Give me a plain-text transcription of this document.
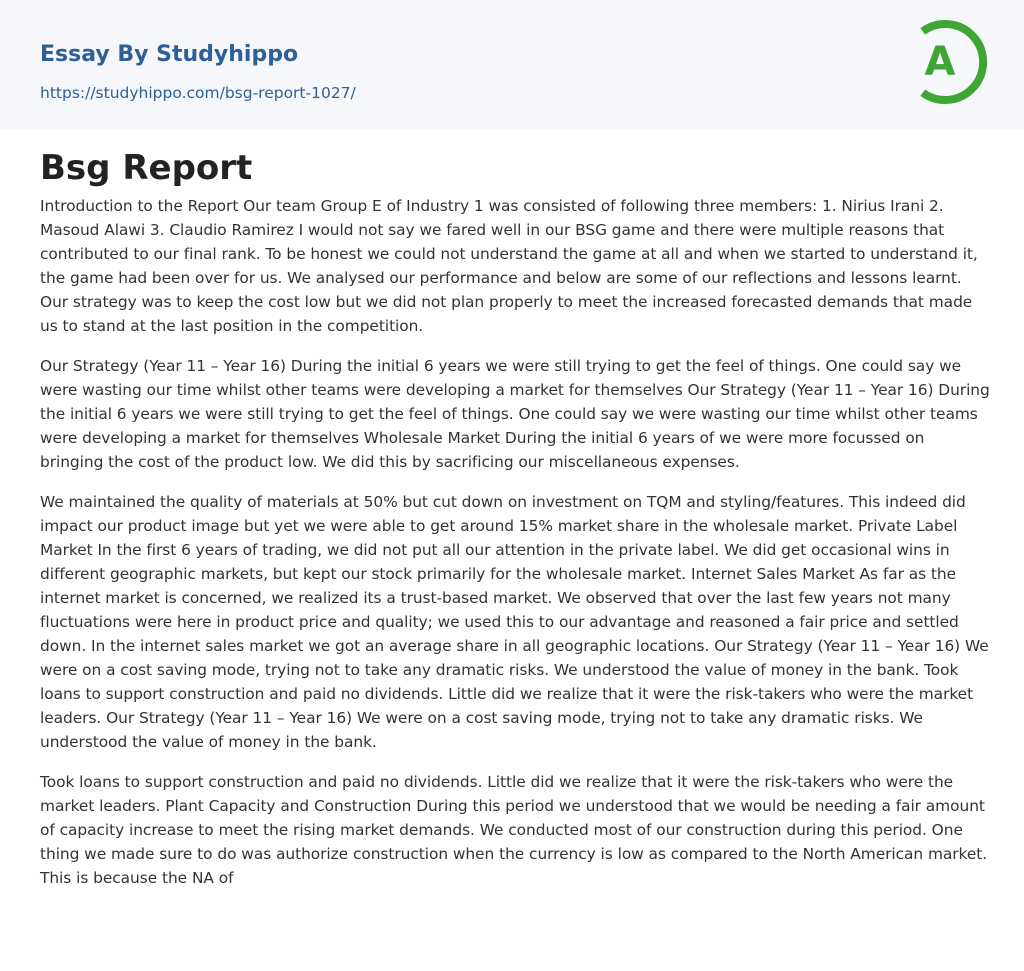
Essay By Studyhippo
https://studyhippo.com/bsg-report-1027/
A
Bsg Report

Introduction to the Report Our team Group E of Industry 1 was consisted of following three members: 1. Nirius Irani 2. Masoud Alawi 3. Claudio Ramirez I would not say we fared well in our BSG game and there were multiple reasons that contributed to our final rank. To be honest we could not understand the game at all and when we started to understand it, the game had been over for us. We analysed our performance and below are some of our reflections and lessons learnt. Our strategy was to keep the cost low but we did not plan properly to meet the increased forecasted demands that made us to stand at the last position in the competition.

Our Strategy (Year 11 – Year 16) During the initial 6 years we were still trying to get the feel of things. One could say we were wasting our time whilst other teams were developing a market for themselves Our Strategy (Year 11 – Year 16) During the initial 6 years we were still trying to get the feel of things. One could say we were wasting our time whilst other teams were developing a market for themselves Wholesale Market During the initial 6 years of we were more focussed on bringing the cost of the product low. We did this by sacrificing our miscellaneous expenses.

We maintained the quality of materials at 50% but cut down on investment on TQM and styling/features. This indeed did impact our product image but yet we were able to get around 15% market share in the wholesale market. Private Label Market In the first 6 years of trading, we did not put all our attention in the private label. We did get occasional wins in different geographic markets, but kept our stock primarily for the wholesale market. Internet Sales Market As far as the internet market is concerned, we realized its a trust-based market. We observed that over the last few years not many fluctuations were here in product price and quality; we used this to our advantage and reasoned a fair price and settled down. In the internet sales market we got an average share in all geographic locations. Our Strategy (Year 11 – Year 16) We were on a cost saving mode, trying not to take any dramatic risks. We understood the value of money in the bank. Took loans to support construction and paid no dividends. Little did we realize that it were the risk-takers who were the market leaders. Our Strategy (Year 11 – Year 16) We were on a cost saving mode, trying not to take any dramatic risks. We understood the value of money in the bank.

Took loans to support construction and paid no dividends. Little did we realize that it were the risk-takers who were the market leaders. Plant Capacity and Construction During this period we understood that we would be needing a fair amount of capacity increase to meet the rising market demands. We conducted most of our construction during this period. One thing we made sure to do was authorize construction when the currency is low as compared to the North American market. This is because the NA of
